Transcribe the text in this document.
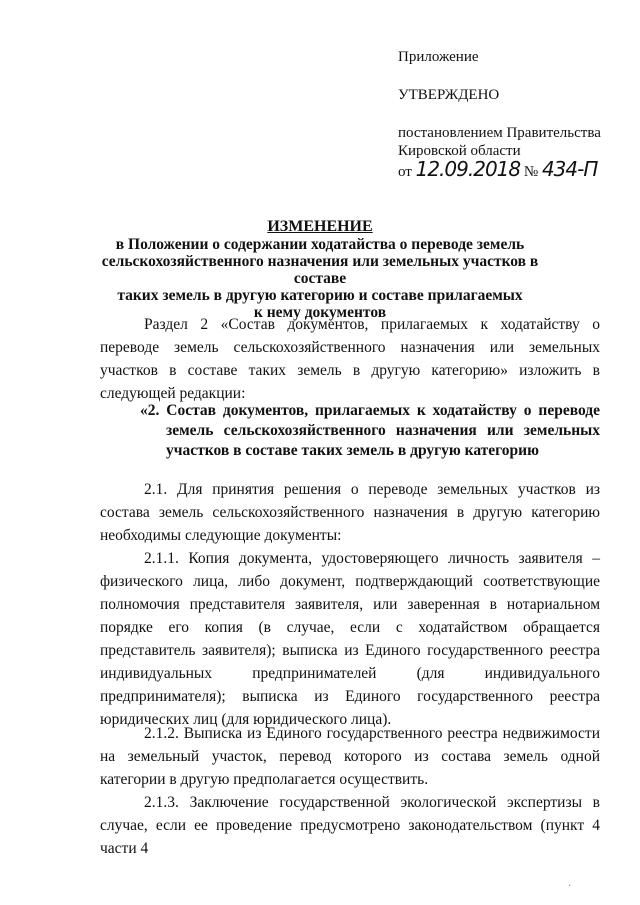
Приложение
УТВЕРЖДЕНО
постановлением Правительства
Кировской области
от 12.09.2018 № 434-П
ИЗМЕНЕНИЕ
в Положении о содержании ходатайства о переводе земель
сельскохозяйственного назначения или земельных участков в составе
таких земель в другую категорию и составе прилагаемых
к нему документов

Раздел 2 «Состав документов, прилагаемых к ходатайству о переводе земель сельскохозяйственного назначения или земельных участков в составе таких земель в другую категорию» изложить в следующей редакции:

«2. Состав документов, прилагаемых к ходатайству о переводе земель сельскохозяйственного назначения или земельных участков в составе таких земель в другую категорию

2.1. Для принятия решения о переводе земельных участков из состава земель сельскохозяйственного назначения в другую категорию необходимы следующие документы:

2.1.1. Копия документа, удостоверяющего личность заявителя – физического лица, либо документ, подтверждающий соответствующие полномочия представителя заявителя, или заверенная в нотариальном порядке его копия (в случае, если с ходатайством обращается представитель заявителя); выписка из Единого государственного реестра индивидуальных предпринимателей (для индивидуального предпринимателя); выписка из Единого государственного реестра юридических лиц (для юридического лица).

2.1.2. Выписка из Единого государственного реестра недвижимости на земельный участок, перевод которого из состава земель одной категории в другую предполагается осуществить.

2.1.3. Заключение государственной экологической экспертизы в случае, если ее проведение предусмотрено законодательством (пункт 4 части 4

·
